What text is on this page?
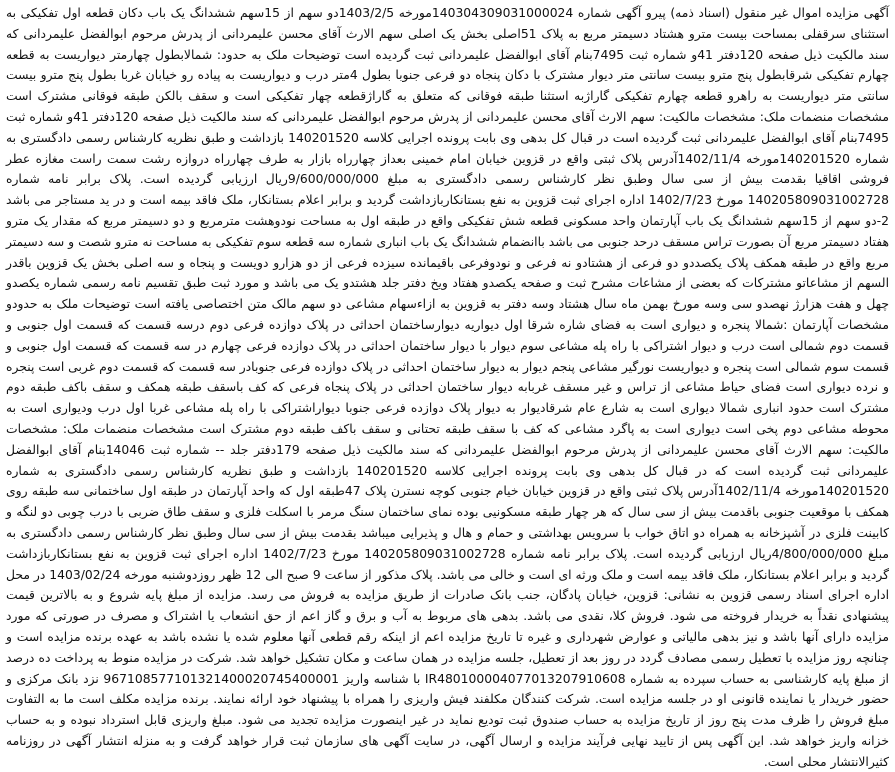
آگهی مزایده اموال غیر منقول (اسناد ذمه) پیرو آگهی شماره 140304309031000024مورخه 1403/2/5دو سهم از 15سهم ششدانگ یک باب دکان قطعه اول تفکیکی به استثنای سرقفلی بمساحت بیست مترو هشتاد دسیمتر مربع به پلاک 51اصلی بخش یک اصلی سهم الارث آقای محسن علیمردانی از پدرش مرحوم ابوالفضل علیمردانی که سند مالکیت ذیل صفحه 120دفتر 41و شماره ثبت 7495بنام آقای ابوالفضل علیمردانی ثبت گردیده است توضیحات ملک به حدود: شمالابطول چهارمتر دیواریست به قطعه چهارم تفکیکی شرقابطول پنج مترو بیست سانتی متر دیوار مشترک با دکان پنجاه دو فرعی جنوبا بطول 4متر درب و دیواریست به پیاده رو خیابان غربا بطول پنج مترو بیست سانتی متر دیواریست به راهرو قطعه چهارم تفکیکی گاراژبه استثنا طبقه فوقانی که متعلق به گاراژقطعه چهار تفکیکی است و سقف بالکن طبقه فوقانی مشترک است مشخصات منضمات ملک: مشخصات مالکیت: سهم الارث آقای محسن علیمردانی از پدرش مرحوم ابوالفضل علیمردانی که سند مالکیت ذیل صفحه 120دفتر 41و شماره ثبت 7495بنام آقای ابوالفضل علیمردانی ثبت گردیده است در قبال کل بدهی وی بابت پرونده اجرایی کلاسه 140201520 بازداشت و طبق نظریه کارشناس رسمی دادگستری به شماره 140201520مورخه 1402/11/4آدرس پلاک ثبتی واقع در قزوین خیابان امام خمینی بعداز چهارراه بازار به طرف چهارراه دروازه رشت سمت راست مغازه عطر فروشی اقاقیا بقدمت بیش از سی سال وطبق نظر کارشناس رسمی دادگستری به مبلغ 9/600/000/000ریال ارزیابی گردیده است. پلاک برابر نامه شماره 140205809031002728 مورخ 1402/7/23 اداره اجرای ثبت قزوین به نفع بستانکاربازداشت گردید و برابر اعلام بستانکار، ملک فاقد بیمه است و در ید مستاجر می باشد 2-دو سهم از 15سهم ششدانگ یک باب آپارتمان واحد مسکونی قطعه شش تفکیکی واقع در طبقه اول به مساحت نودوهشت مترمربع و دو دسیمتر مربع که مقدار یک مترو هفتاد دسیمتر مربع آن بصورت تراس مسقف درحد جنوبی می باشد باانضمام ششدانگ یک باب انباری شماره سه قطعه سوم تفکیکی به مساحت نه مترو شصت و سه دسیمتر مربع واقع در طبقه همکف پلاک یکصددو دو فرعی از هشتادو نه فرعی و نودوفرعی باقیمانده سیزده فرعی از دو هزارو دویست و پنجاه و سه اصلی بخش یک قزوین باقدر السهم از مشاعاتو مشترکات که بعضی از مشاعات مشرح ثبت و صفحه یکصدو هفتاد ویخ دفتر جلد هشتدو یک می باشد و مورد ثبت طبق تقسیم نامه رسمی شماره یکصدو چهل و هفت هزارژ نهصدو سی وسه مورخ بهمن ماه سال هشتاد وسه دفتر به قزوین به ازاءسهام مشاعی دو سهم مالک متن اختصاصی یافته است توضیحات ملک به حدودو مشخصات آپارتمان :شمالا پنجره و دیواری است به فضای شاره شرقا اول دیواریه دیوارساختمان احداثی در پلاک دوازده فرعی دوم درسه قسمت که قسمت اول جنوبی و قسمت دوم شمالی است درب و دیوار اشتراکی با راه پله مشاعی سوم دیوار با دیوار ساختمان احداثی در پلاک دوازده فرعی چهارم در سه قسمت که قسمت اول جنوبی و قسمت سوم شمالی است پنجره و دیواریست نورگیر مشاعی پنجم دیوار به دیوار ساختمان احداثی در پلاک دوازده فرعی جنوبادر سه قسمت که قسمت دوم غربی است پنجره و نرده دیواری است فضای حیاط مشاعی از تراس و غیر مسقف غربابه دیوار ساختمان احداثی در پلاک پنجاه فرعی که کف باسقف طبقه همکف و سقف باکف طبقه دوم مشترک است حدود انباری شمالا دیواری است به شارع عام شرقادیوار به دیوار پلاک دوازده فرعی جنوبا دیواراشتراکی با راه پله مشاعی غربا اول درب ودیواری است به محوطه مشاعی دوم پخی است دیواری است به پاگرد مشاعی که کف با سقف طبقه تحتانی و سقف باکف طبقه دوم مشترک است مشخصات منضمات ملک: مشخصات مالکیت: سهم الارث آقای محسن علیمردانی از پدرش مرحوم ابوالفضل علیمردانی که سند مالکیت ذیل صفحه 179دفتر جلد -- شماره ثبت 14046بنام آقای ابوالفضل علیمردانی ثبت گردیده است که در قبال کل بدهی وی بابت پرونده اجرایی کلاسه 140201520 بازداشت و طبق نظریه کارشناس رسمی دادگستری به شماره 140201520مورخه 1402/11/4آدرس پلاک ثبتی واقع در قزوین خیابان خیام جنوبی کوچه نسترن پلاک 47طبقه اول که واحد آپارتمان در طبقه اول ساختمانی سه طبقه روی همکف با موقعیت جنوبی باقدمت بیش از سی سال که هر چهار طبقه مسکونیی بوده نمای ساختمان سنگ مرمر با اسکلت فلزی و سقف طاق ضربی با درب چوبی دو لنگه و کابینت فلزی در آشپزخانه به همراه دو اتاق خواب با سرویس بهداشتی و حمام و هال و پذیرایی میباشد بقدمت بیش از سی سال وطبق نظر کارشناس رسمی دادگستری به مبلغ 4/800/000/000ریال ارزیابی گردیده است. پلاک برابر نامه شماره 140205809031002728 مورخ 1402/7/23 اداره اجرای ثبت قزوین به نفع بستانکاربازداشت گردید و برابر اعلام بستانکار، ملک فاقد بیمه است و ملک ورثه ای است و خالی می باشد. پلاک مذکور از ساعت 9 صبح الی 12 ظهر روزدوشنبه مورخه 1403/02/24 در محل اداره اجرای اسناد رسمی قزوین به نشانی: قزوین، خیابان پادگان، جنب بانک صادرات از طریق مزایده به فروش می رسد. مزایده از مبلغ پایه شروع و به بالاترین قیمت پیشنهادی نقداً به خریدار فروخته می شود. فروش کلا، نقدی می باشد. بدهی های مربوط به آب و برق و گاز اعم از حق انشعاب یا اشتراک و مصرف در صورتی که مورد مزایده دارای آنها باشد و نیز بدهی مالیاتی و عوارض شهرداری و غیره تا تاریخ مزایده اعم از اینکه رقم قطعی آنها معلوم شده یا نشده باشد به عهده برنده مزایده است و چنانچه روز مزایده با تعطیل رسمی مصادف گردد در روز بعد از تعطیل، جلسه مزایده در همان ساعت و مکان تشکیل خواهد شد. شرکت در مزایده منوط به پرداخت ده درصد از مبلغ پایه کارشناسی به حساب سپرده به شماره IR480100004077013207910608 با شناسه واریز 967108577101321400020745400001 نزد بانک مرکزی و حضور خریدار یا نماینده قانونی او در جلسه مزایده است. شرکت کنندگان مکلفند فیش واریزی را همراه با پیشنهاد خود ارائه نمایند. برنده مزایده مکلف است ما به التفاوت مبلغ فروش را ظرف مدت پنج روز از تاریخ مزایده به حساب صندوق ثبت تودیع نماید در غیر اینصورت مزایده تجدید می شود. مبلغ واریزی قابل استرداد نبوده و به حساب خزانه واریز خواهد شد. این آگهی پس از تایید نهایی فرآیند مزایده و ارسال آگهی، در سایت آگهی های سازمان ثبت قرار خواهد گرفت و به منزله انتشار آگهی در روزنامه کثیرالانتشار محلی است.
